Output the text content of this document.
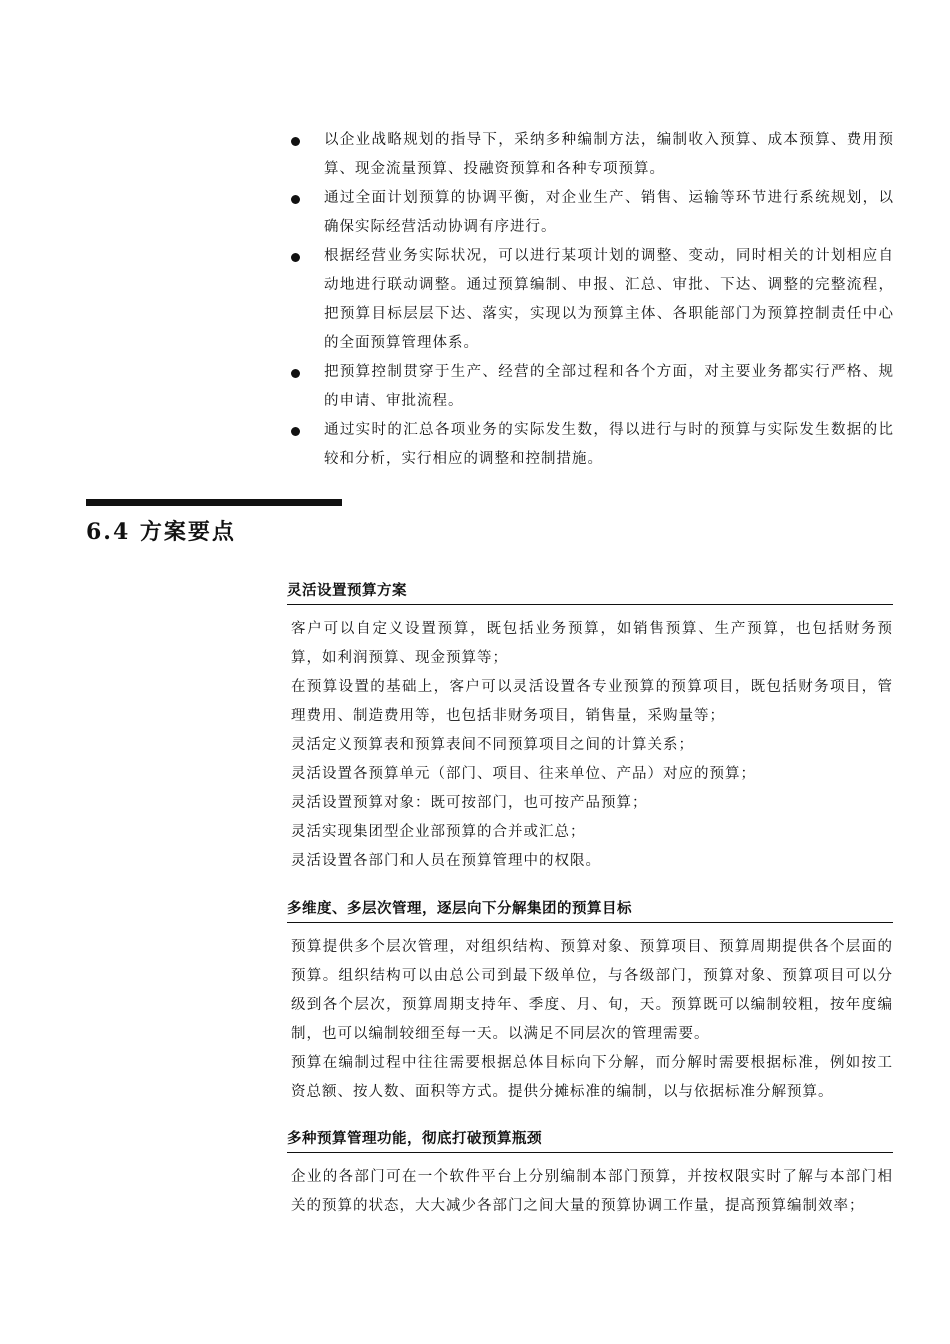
以企业战略规划的指导下，采纳多种编制方法，编制收入预算、成本预算、费用预算、现金流量预算、投融资预算和各种专项预算。
通过全面计划预算的协调平衡，对企业生产、销售、运输等环节进行系统规划，以确保实际经营活动协调有序进行。
根据经营业务实际状况，可以进行某项计划的调整、变动，同时相关的计划相应自动地进行联动调整。通过预算编制、申报、汇总、审批、下达、调整的完整流程，把预算目标层层下达、落实，实现以为预算主体、各职能部门为预算控制责任中心的全面预算管理体系。
把预算控制贯穿于生产、经营的全部过程和各个方面，对主要业务都实行严格、规的申请、审批流程。
通过实时的汇总各项业务的实际发生数，得以进行与时的预算与实际发生数据的比较和分析，实行相应的调整和控制措施。
6.4 方案要点
灵活设置预算方案

客户可以自定义设置预算，既包括业务预算，如销售预算、生产预算，也包括财务预算，如利润预算、现金预算等；

在预算设置的基础上，客户可以灵活设置各专业预算的预算项目，既包括财务项目，管理费用、制造费用等，也包括非财务项目，销售量，采购量等；

灵活定义预算表和预算表间不同预算项目之间的计算关系；

灵活设置各预算单元（部门、项目、往来单位、产品）对应的预算；

灵活设置预算对象：既可按部门，也可按产品预算；

灵活实现集团型企业部预算的合并或汇总；

灵活设置各部门和人员在预算管理中的权限。

多维度、多层次管理，逐层向下分解集团的预算目标

预算提供多个层次管理，对组织结构、预算对象、预算项目、预算周期提供各个层面的预算。组织结构可以由总公司到最下级单位，与各级部门，预算对象、预算项目可以分级到各个层次，预算周期支持年、季度、月、旬，天。预算既可以编制较粗，按年度编制，也可以编制较细至每一天。以满足不同层次的管理需要。

预算在编制过程中往往需要根据总体目标向下分解，而分解时需要根据标准，例如按工资总额、按人数、面积等方式。提供分摊标准的编制，以与依据标准分解预算。

多种预算管理功能，彻底打破预算瓶颈

企业的各部门可在一个软件平台上分别编制本部门预算，并按权限实时了解与本部门相关的预算的状态，大大减少各部门之间大量的预算协调工作量，提高预算编制效率；
